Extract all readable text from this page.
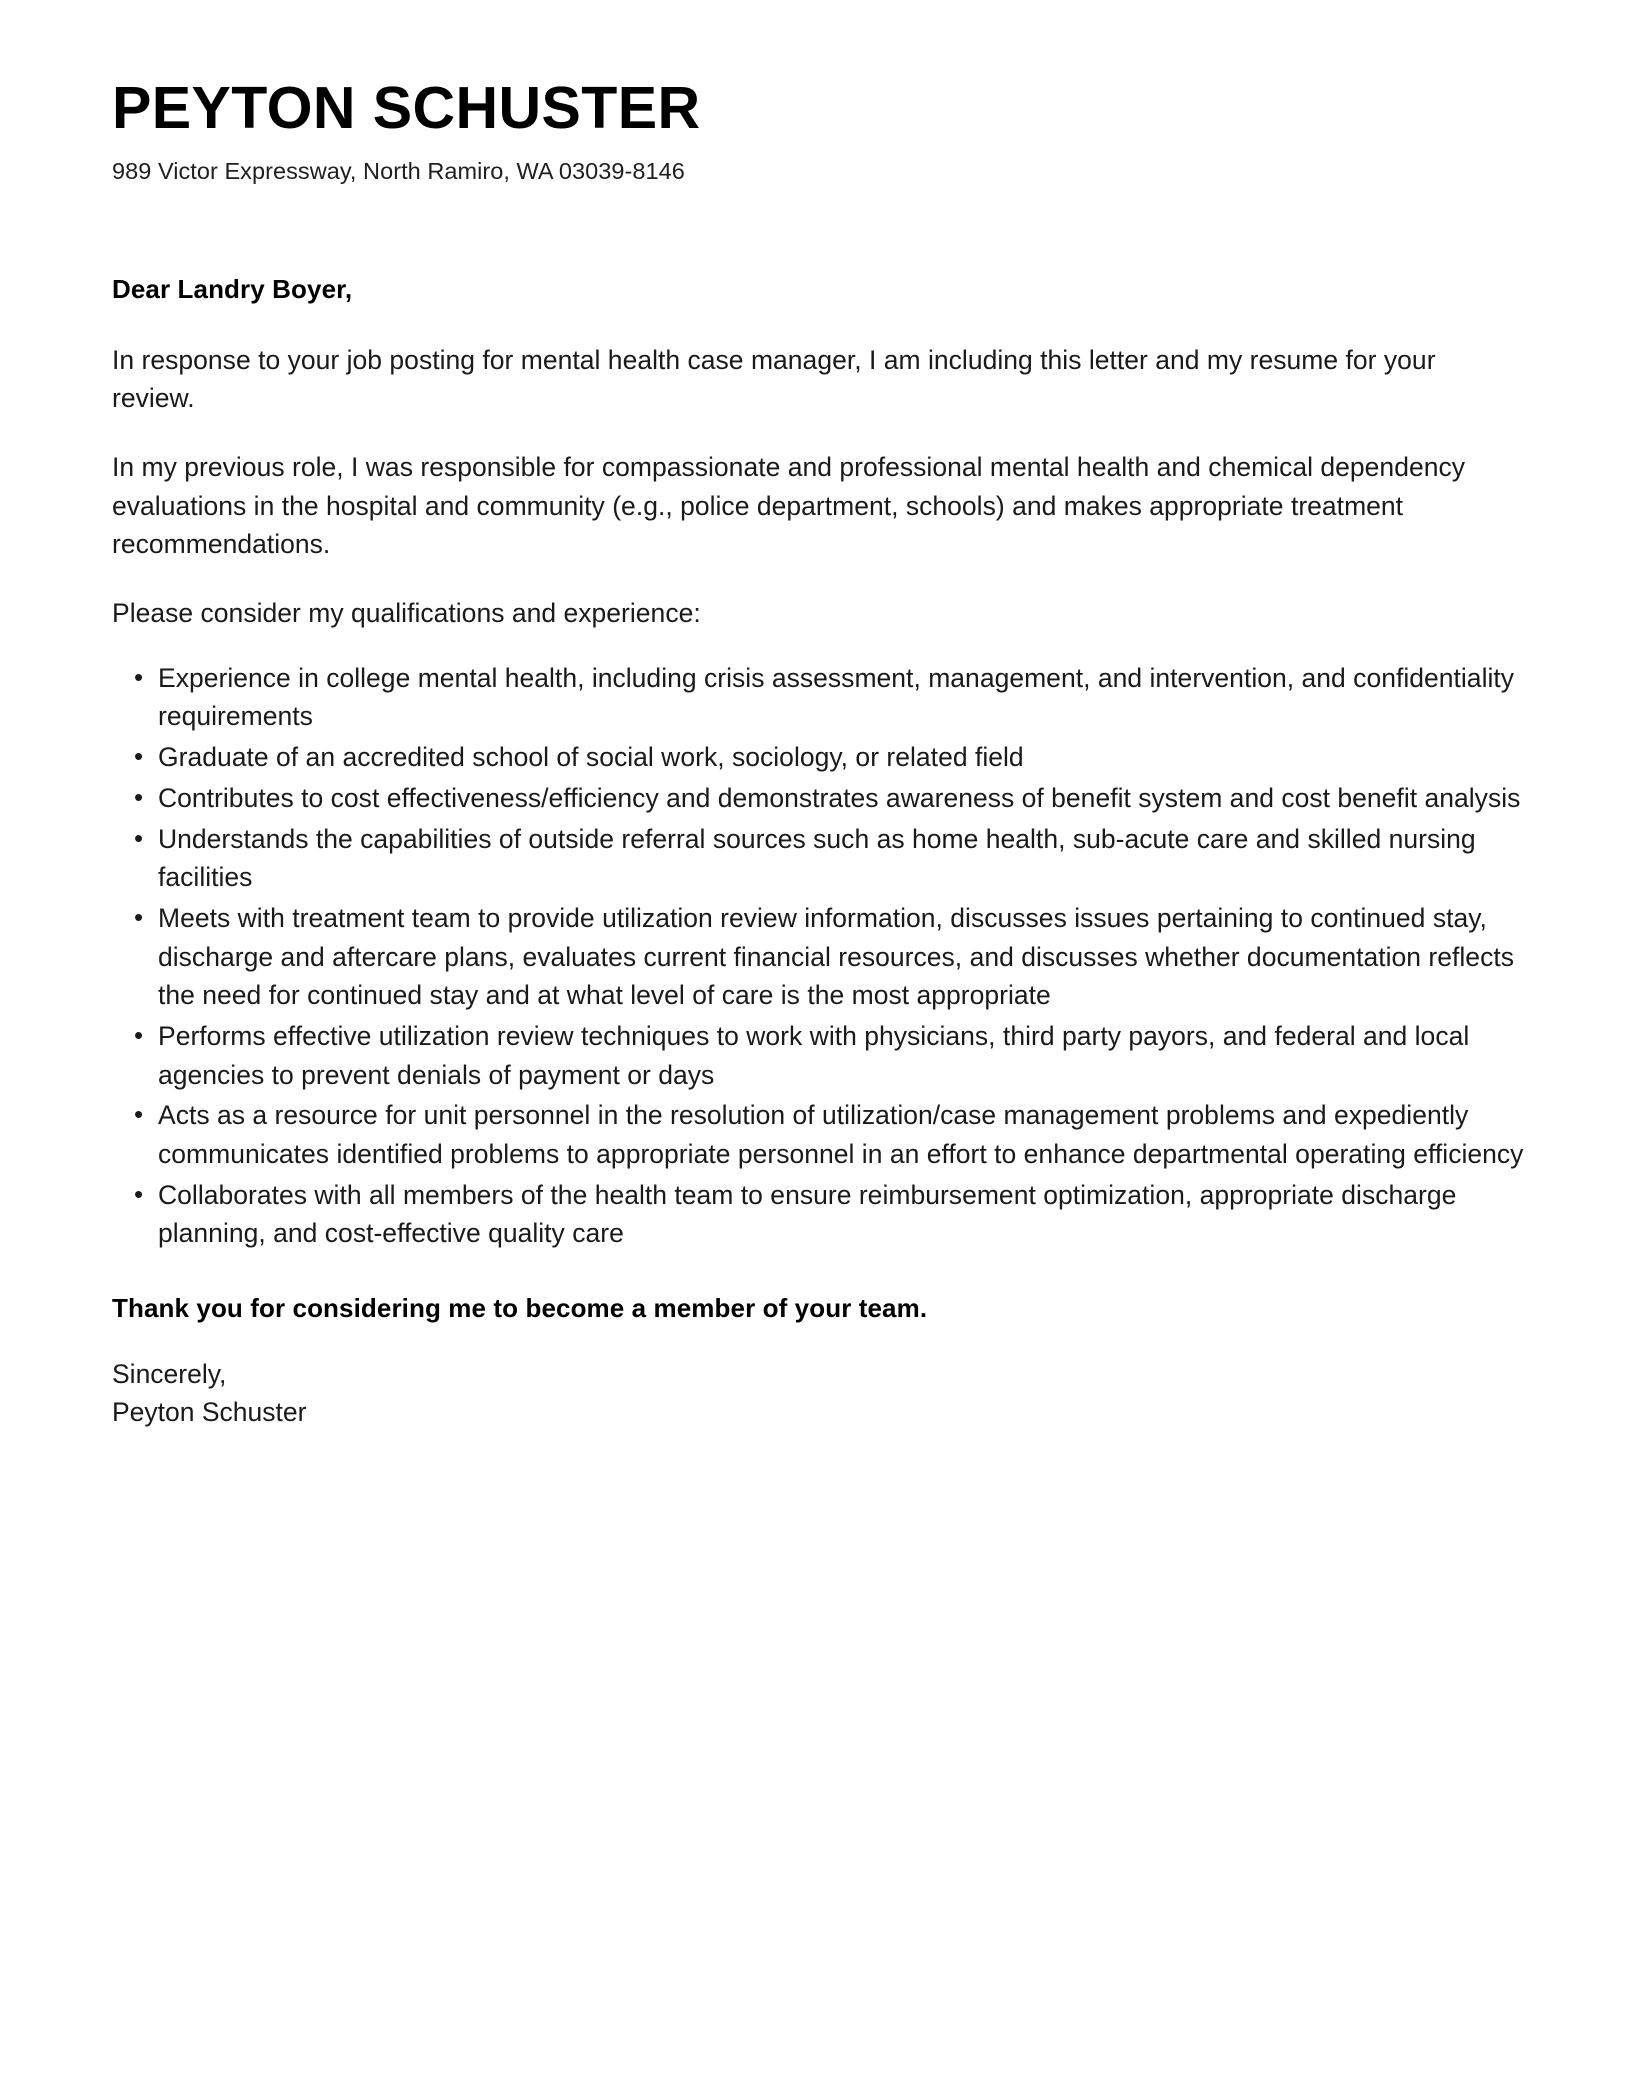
PEYTON SCHUSTER

989 Victor Expressway, North Ramiro, WA 03039-8146

Dear Landry Boyer,

In response to your job posting for mental health case manager, I am including this letter and my resume for your review.

In my previous role, I was responsible for compassionate and professional mental health and chemical dependency evaluations in the hospital and community (e.g., police department, schools) and makes appropriate treatment recommendations.

Please consider my qualifications and experience:

• Experience in college mental health, including crisis assessment, management, and intervention, and confidentiality requirements
• Graduate of an accredited school of social work, sociology, or related field
• Contributes to cost effectiveness/efficiency and demonstrates awareness of benefit system and cost benefit analysis
• Understands the capabilities of outside referral sources such as home health, sub-acute care and skilled nursing facilities
• Meets with treatment team to provide utilization review information, discusses issues pertaining to continued stay, discharge and aftercare plans, evaluates current financial resources, and discusses whether documentation reflects the need for continued stay and at what level of care is the most appropriate
• Performs effective utilization review techniques to work with physicians, third party payors, and federal and local agencies to prevent denials of payment or days
• Acts as a resource for unit personnel in the resolution of utilization/case management problems and expediently communicates identified problems to appropriate personnel in an effort to enhance departmental operating efficiency
• Collaborates with all members of the health team to ensure reimbursement optimization, appropriate discharge planning, and cost-effective quality care

Thank you for considering me to become a member of your team.

Sincerely,
Peyton Schuster
